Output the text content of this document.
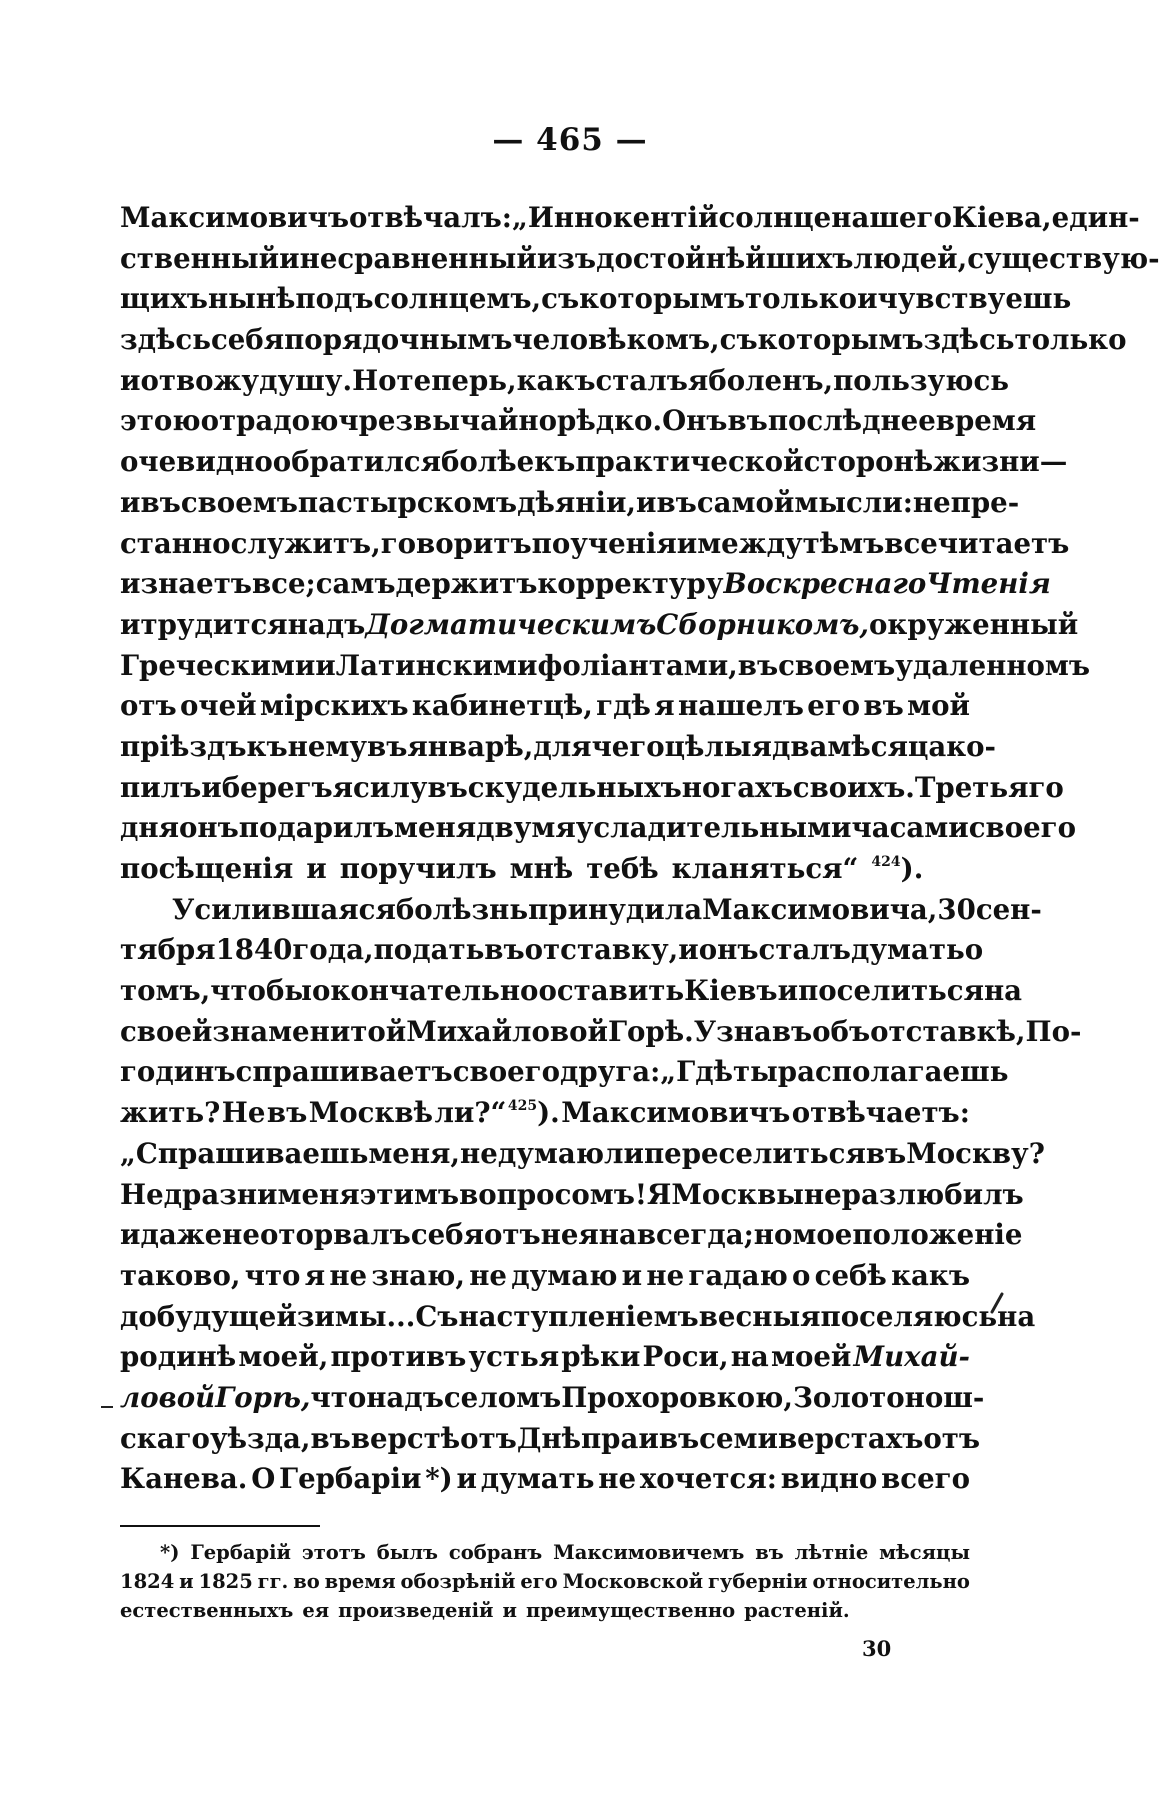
— 465 —
Максимовичъ отвѣчалъ: „Иннокентій солнце нашего Кіева, един-
ственный и несравненный изъ достойнѣйшихъ людей, существую-
щихъ нынѣ подъ солнцемъ, съ которымъ только и чувствуешь
здѣсь себя порядочнымъ человѣкомъ, съ которымъ здѣсь только
и отвожу душу. Но теперь, какъ сталъ я боленъ, пользуюсь
этою отрадою чрезвычайно рѣдко. Онъ въ послѣднее время
очевидно обратился болѣе къ практической сторонѣ жизни—
и въ своемъ пастырскомъ дѣяніи, и въ самой мысли: непре-
станно служитъ, говоритъ поученія и между тѣмъ все читаетъ
и знаетъ все; самъ держитъ корректуру Воскреснаго Чтенія
и трудится надъ Догматическимъ Сборникомъ, окруженный
Греческими и Латинскими фоліантами, въ своемъ удаленномъ
отъ очей мірскихъ кабинетцѣ, гдѣ я нашелъ его въ мой
пріѣздъ къ нему въ январѣ, для чего цѣлыя два мѣсяца ко-
пилъ и берегъ я силу въ скудельныхъ ногахъ своихъ. Третьяго
дня онъ подарилъ меня двумя усладительными часами своего
посѣщенія и поручилъ мнѣ тебѣ кланяться“ $^{424}$).
Усилившаяся болѣзнь принудила Максимовича, 30 сен-
тября 1840 года, подать въ отставку, и онъ сталъ думать о
томъ, чтобы окончательно оставить Кіевъ и поселиться на
своей знаменитой Михайловой Горѣ. Узнавъ объ отставкѣ, По-
годинъ спрашиваетъ своего друга: „Гдѣ ты располагаешь
жить? Не въ Москвѣ ли?“ $^{425}$). Максимовичъ отвѣчаетъ:
„Спрашиваешь меня, не думаю ли переселиться въ Москву?
Не дразни меня этимъ вопросомъ! Я Москвы не разлюбилъ
и даже не оторвалъ себя отъ нея навсегда; но мое положеніе
таково, что я не знаю, не думаю и не гадаю о себѣ какъ
до будущей зимы... Съ наступленіемъ весны я поселяюсь на
родинѣ моей, противъ устья рѣки Роси, на моей Михай-
ловой Горѣ, что надъ селомъ Прохоровкою, Золотонош-
скаго уѣзда, въ верстѣ отъ Днѣпра и въ семи верстахъ отъ
Канева. О Гербаріи *) и думать не хочется: видно всего
*) Гербарій этотъ былъ собранъ Максимовичемъ въ лѣтніе мѣсяцы
1824 и 1825 гг. во время обозрѣній его Московской губерніи относительно
естественныхъ ея произведеній и преимущественно растеній.
30
